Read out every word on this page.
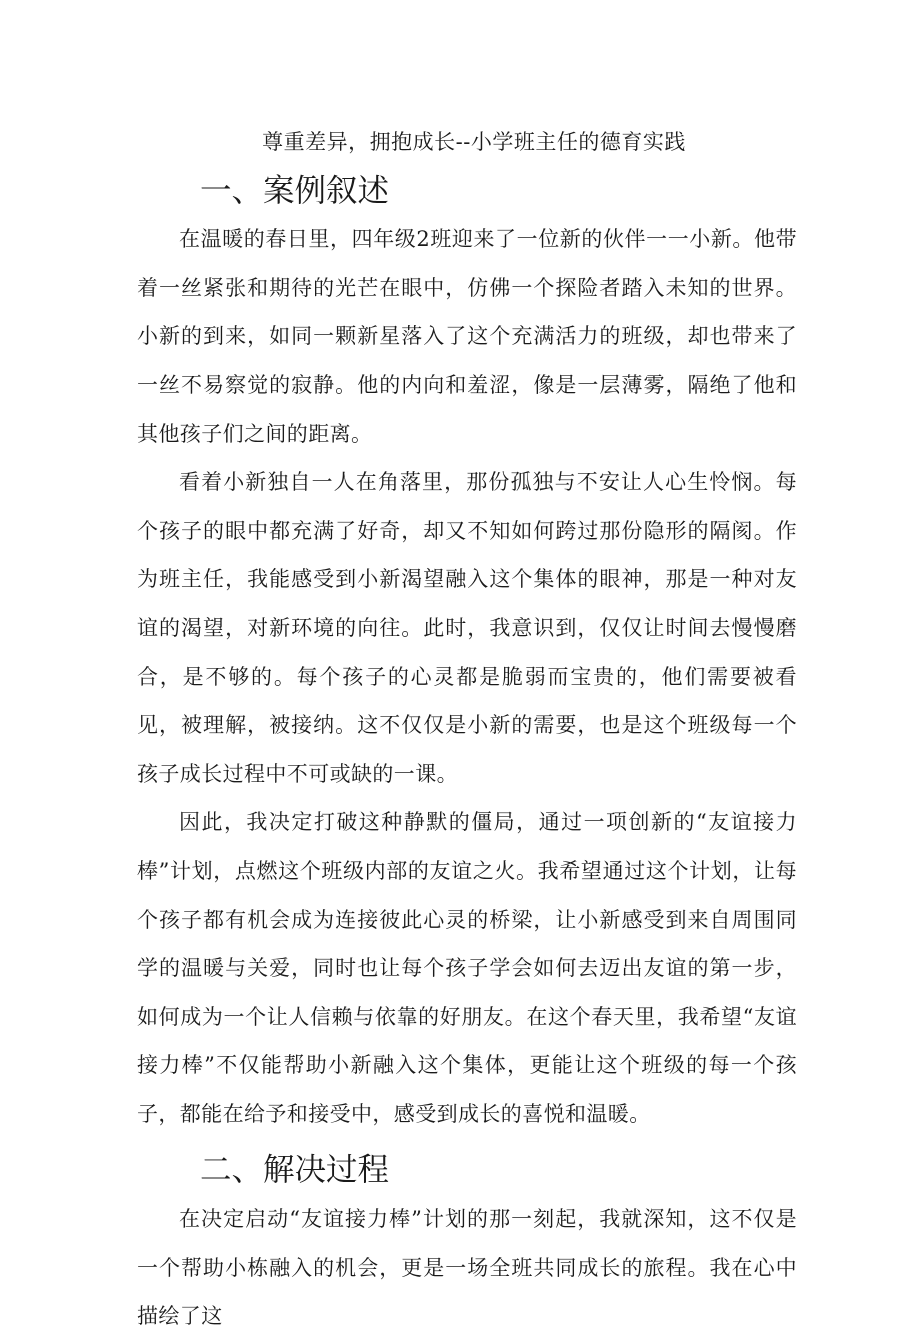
尊重差异，拥抱成长--小学班主任的德育实践
一、案例叙述

在温暖的春日里，四年级2班迎来了一位新的伙伴一一小新。他带着一丝紧张和期待的光芒在眼中，仿佛一个探险者踏入未知的世界。小新的到来，如同一颗新星落入了这个充满活力的班级，却也带来了一丝不易察觉的寂静。他的内向和羞涩，像是一层薄雾，隔绝了他和其他孩子们之间的距离。

看着小新独自一人在角落里，那份孤独与不安让人心生怜悯。每个孩子的眼中都充满了好奇，却又不知如何跨过那份隐形的隔阂。作为班主任，我能感受到小新渴望融入这个集体的眼神，那是一种对友谊的渴望，对新环境的向往。此时，我意识到，仅仅让时间去慢慢磨合，是不够的。每个孩子的心灵都是脆弱而宝贵的，他们需要被看见，被理解，被接纳。这不仅仅是小新的需要，也是这个班级每一个孩子成长过程中不可或缺的一课。

因此，我决定打破这种静默的僵局，通过一项创新的“友谊接力棒”计划，点燃这个班级内部的友谊之火。我希望通过这个计划，让每个孩子都有机会成为连接彼此心灵的桥梁，让小新感受到来自周围同学的温暖与关爱，同时也让每个孩子学会如何去迈出友谊的第一步，如何成为一个让人信赖与依靠的好朋友。在这个春天里，我希望“友谊接力棒”不仅能帮助小新融入这个集体，更能让这个班级的每一个孩子，都能在给予和接受中，感受到成长的喜悦和温暖。

二、解决过程

在决定启动“友谊接力棒”计划的那一刻起，我就深知，这不仅是一个帮助小栋融入的机会，更是一场全班共同成长的旅程。我在心中描绘了这
